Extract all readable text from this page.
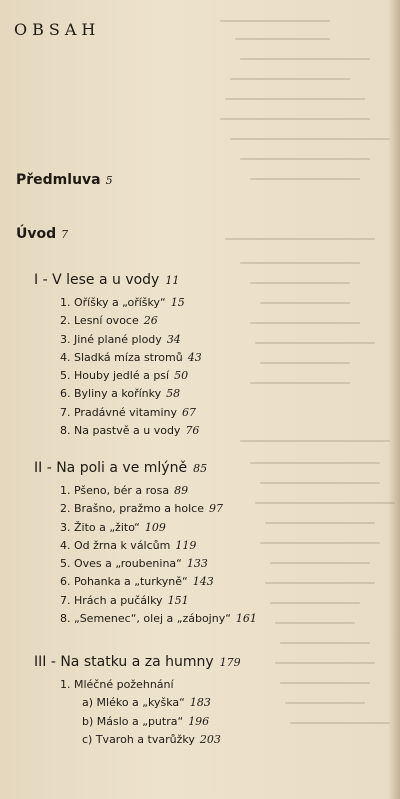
OBSAH
Předmluva 5
Úvod 7
I - V lese a u vody 11
1. Oříšky a „oříšky“ 15
2. Lesní ovoce 26
3. Jiné plané plody 34
4. Sladká míza stromů 43
5. Houby jedlé a psí 50
6. Byliny a kořínky 58
7. Pradávné vitaminy 67
8. Na pastvě a u vody 76
II - Na poli a ve mlýně 85
1. Pšeno, bér a rosa 89
2. Brašno, pražmo a holce 97
3. Žito a „žito“ 109
4. Od žrna k válcům 119
5. Oves a „roubenina“ 133
6. Pohanka a „turkyně“ 143
7. Hrách a pučálky 151
8. „Semenec“, olej a „zábojny“ 161
III - Na statku a za humny 179
1. Mléčné požehnání
a) Mléko a „kyška“ 183
b) Máslo a „putra“ 196
c) Tvaroh a tvarůžky 203
